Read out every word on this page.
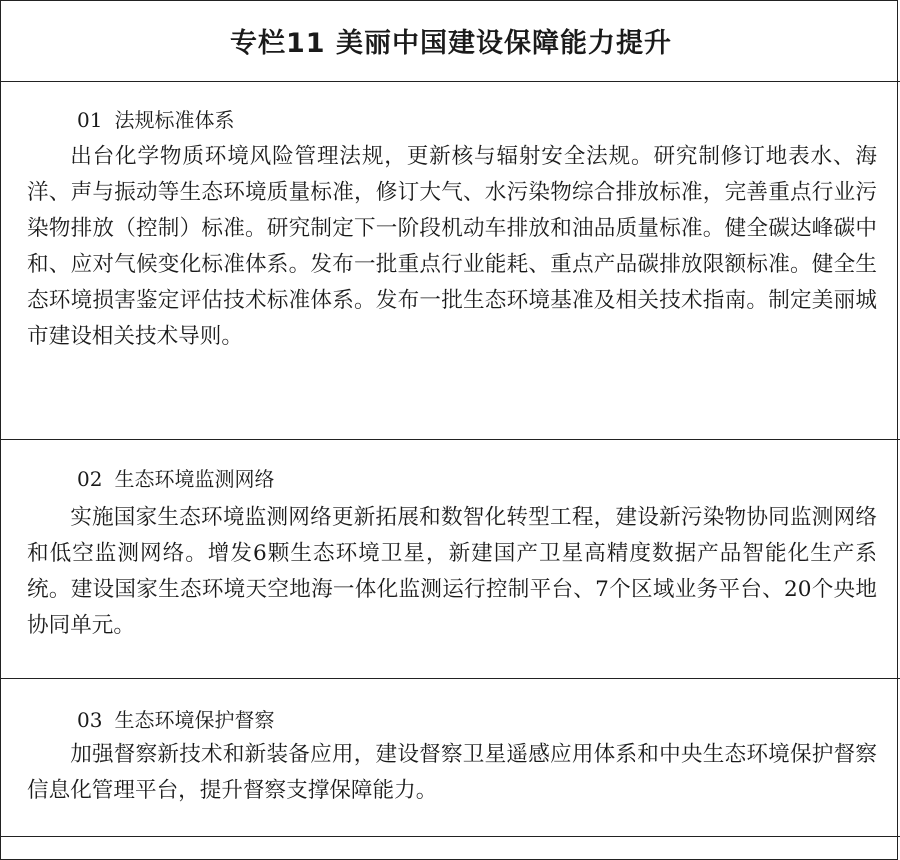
专栏11 美丽中国建设保障能力提升
01 法规标准体系

出台化学物质环境风险管理法规，更新核与辐射安全法规。研究制修订地表水、海洋、声与振动等生态环境质量标准，修订大气、水污染物综合排放标准，完善重点行业污染物排放（控制）标准。研究制定下一阶段机动车排放和油品质量标准。健全碳达峰碳中和、应对气候变化标准体系。发布一批重点行业能耗、重点产品碳排放限额标准。健全生态环境损害鉴定评估技术标准体系。发布一批生态环境基准及相关技术指南。制定美丽城市建设相关技术导则。

02 生态环境监测网络

实施国家生态环境监测网络更新拓展和数智化转型工程，建设新污染物协同监测网络和低空监测网络。增发6颗生态环境卫星，新建国产卫星高精度数据产品智能化生产系统。建设国家生态环境天空地海一体化监测运行控制平台、7个区域业务平台、20个央地协同单元。

03 生态环境保护督察

加强督察新技术和新装备应用，建设督察卫星遥感应用体系和中央生态环境保护督察信息化管理平台，提升督察支撑保障能力。
